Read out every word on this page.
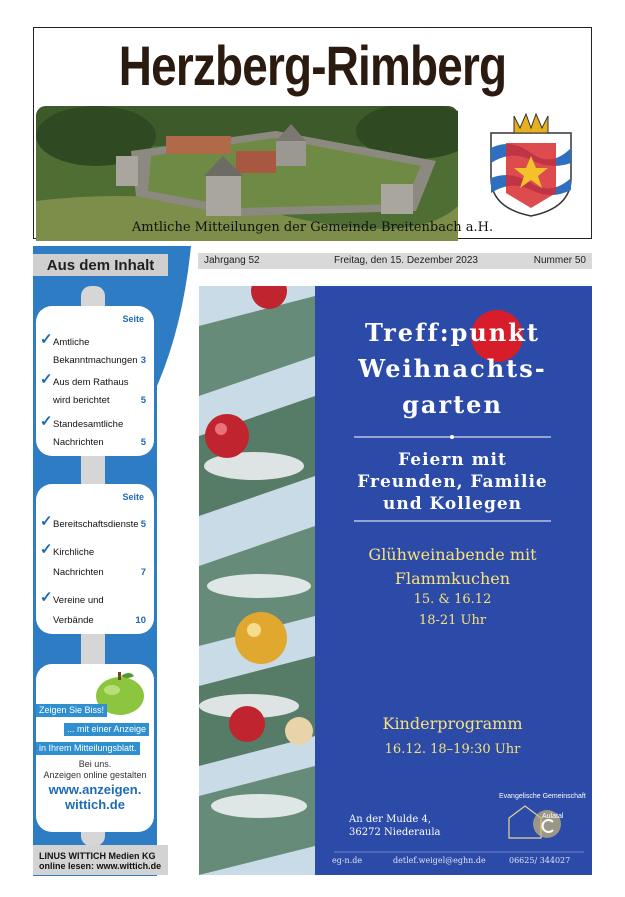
Herzberg-Rimberg
Amtliche Mitteilungen der Gemeinde Breitenbach a.H.
Jahrgang 52	Freitag, den 15. Dezember 2023	Nummer 50
Aus dem Inhalt
Seite
✓ Amtliche
Bekanntmachungen 3
✓ Aus dem Rathaus
wird berichtet	5
✓ Standesamtliche
Nachrichten	5
Seite
✓ Bereitschaftsdienste 5
✓ Kirchliche
Nachrichten	7
✓ Vereine und
Verbände	10
Zeigen Sie Biss!
... mit einer Anzeige
in Ihrem Mitteilungsblatt.
Bei uns.
Anzeigen online gestalten
www.anzeigen.
wittich.de
LINUS WITTICH Medien KG
online lesen: www.wittich.de
Treff:punkt
Weihnachts-
garten
Feiern mit
Freunden, Familie
und Kollegen
Glühweinabende mit
Flammkuchen
15. & 16.12
18-21 Uhr
Kinderprogramm
16.12. 18–19:30 Uhr
An der Mulde 4,
36272 Niederaula
Evangelische Gemeinschaft
Aulatal
eg-n.de	detlef.weigel@eghn.de	06625/ 344027
